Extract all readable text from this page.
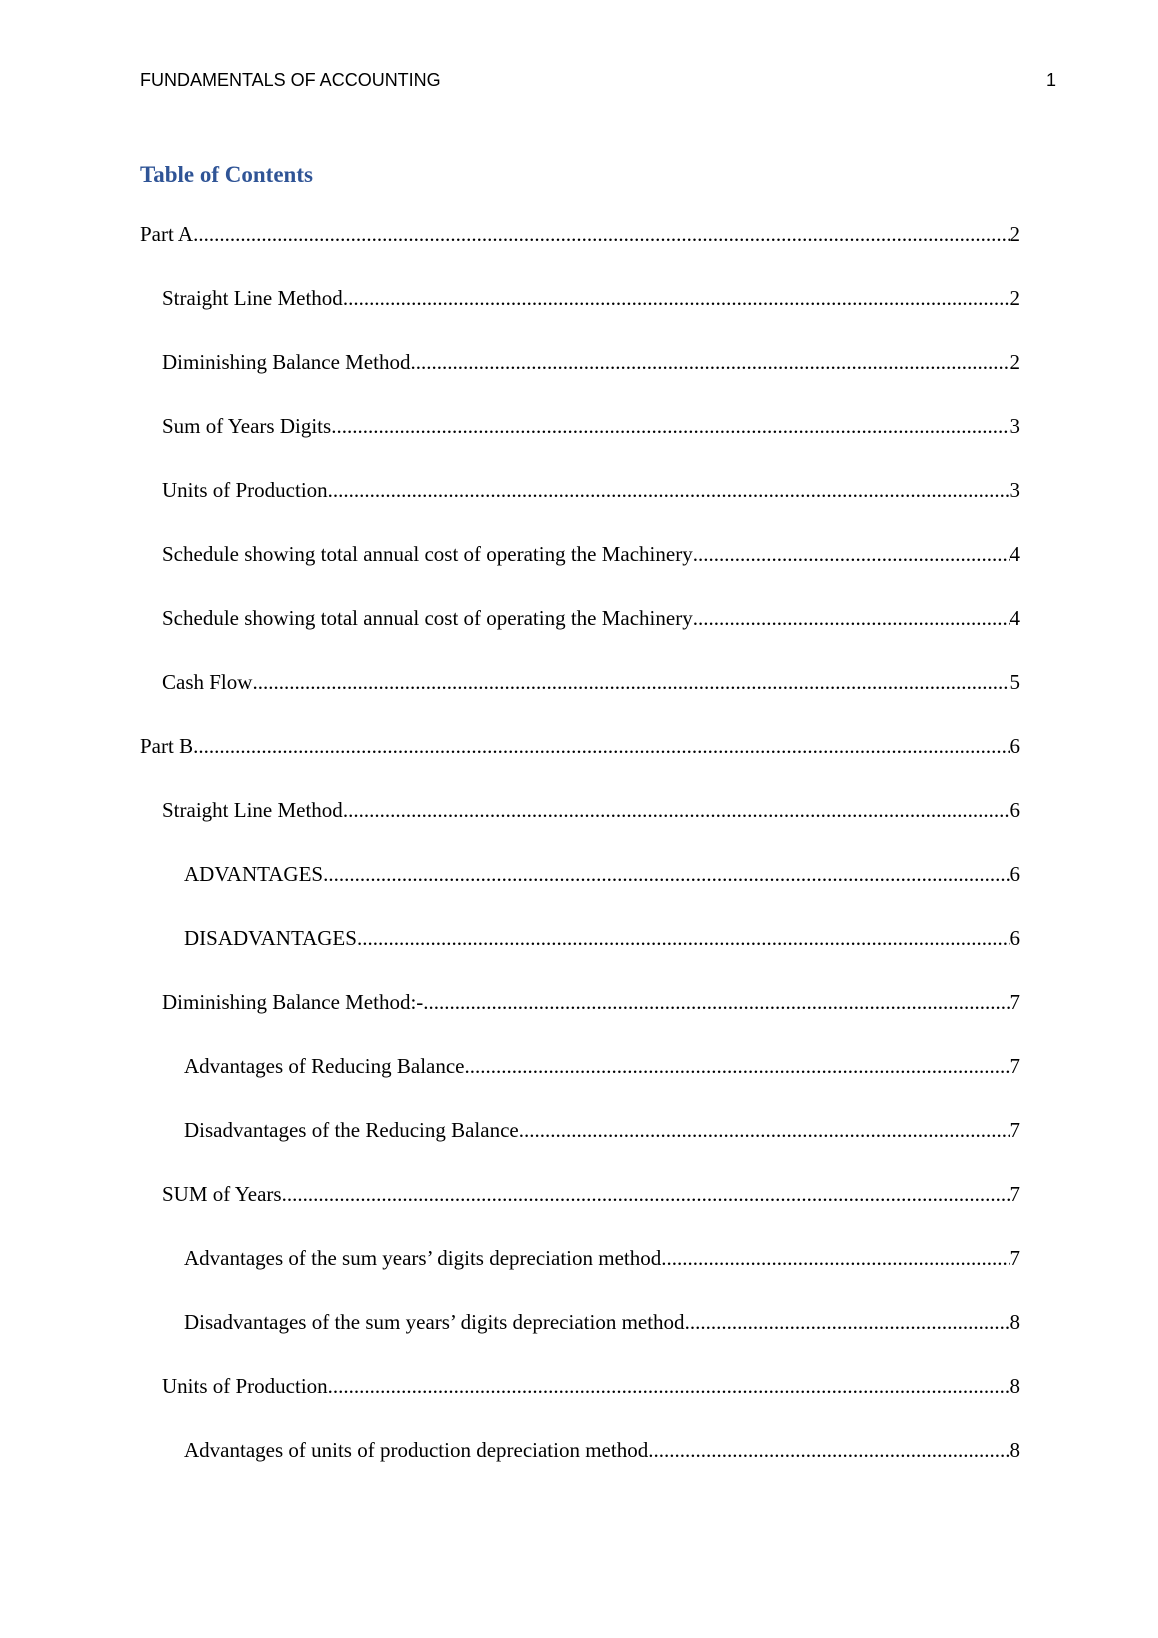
FUNDAMENTALS OF ACCOUNTING	1
Table of Contents
Part A .....	2
Straight Line Method .....	2
Diminishing Balance Method .....	2
Sum of Years Digits .....	3
Units of Production .....	3
Schedule showing total annual cost of operating the Machinery .....	4
Schedule showing total annual cost of operating the Machinery .....	4
Cash Flow .....	5
Part B .....	6
Straight Line Method .....	6
ADVANTAGES .....	6
DISADVANTAGES .....	6
Diminishing Balance Method:- .....	7
Advantages of Reducing Balance .....	7
Disadvantages of the Reducing Balance .....	7
SUM of Years .....	7
Advantages of the sum years’ digits depreciation method .....	7
Disadvantages of the sum years’ digits depreciation method .....	8
Units of Production .....	8
Advantages of units of production depreciation method .....	8
